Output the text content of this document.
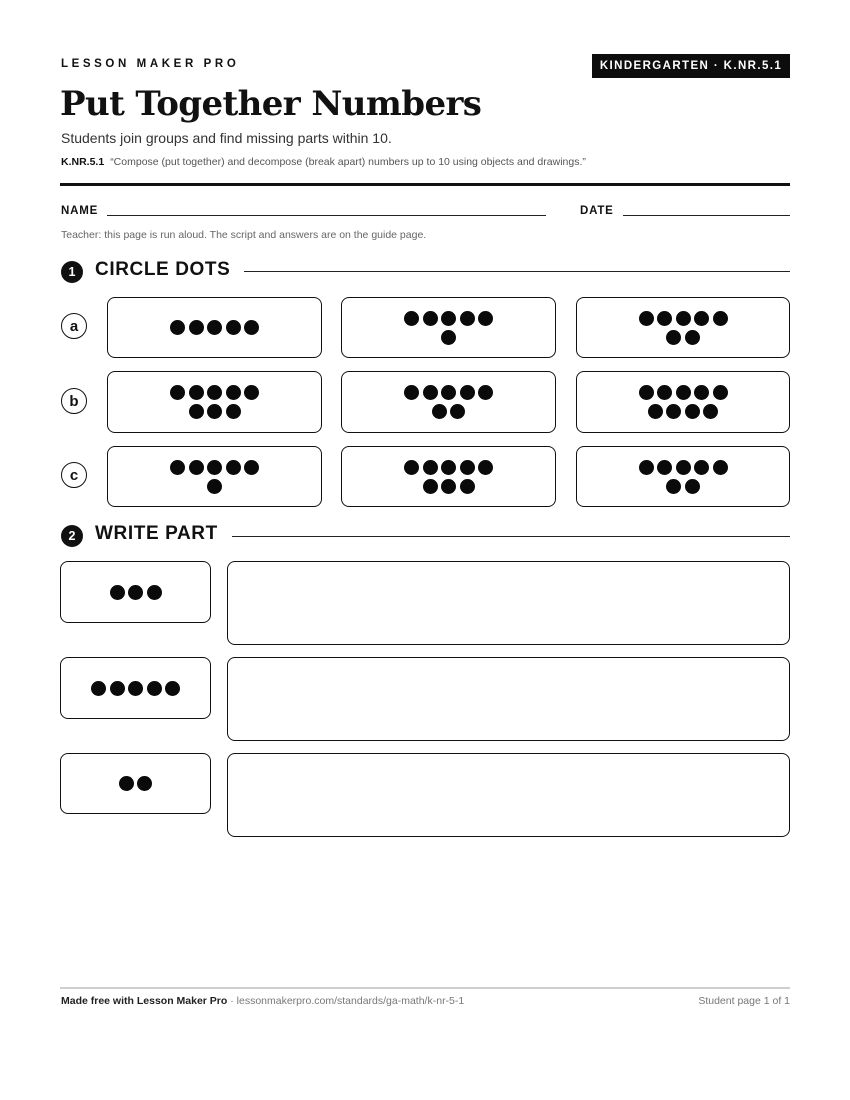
LESSON MAKER PRO	KINDERGARTEN · K.NR.5.1
Put Together Numbers
Students join groups and find missing parts within 10.
K.NR.5.1 “Compose (put together) and decompose (break apart) numbers up to 10 using objects and drawings.”
NAME	DATE
Teacher: this page is run aloud. The script and answers are on the guide page.
1	CIRCLE DOTS
a
b
c
2	WRITE PART
Made free with Lesson Maker Pro · lessonmakerpro.com/standards/ga-math/k-nr-5-1	Student page 1 of 1
